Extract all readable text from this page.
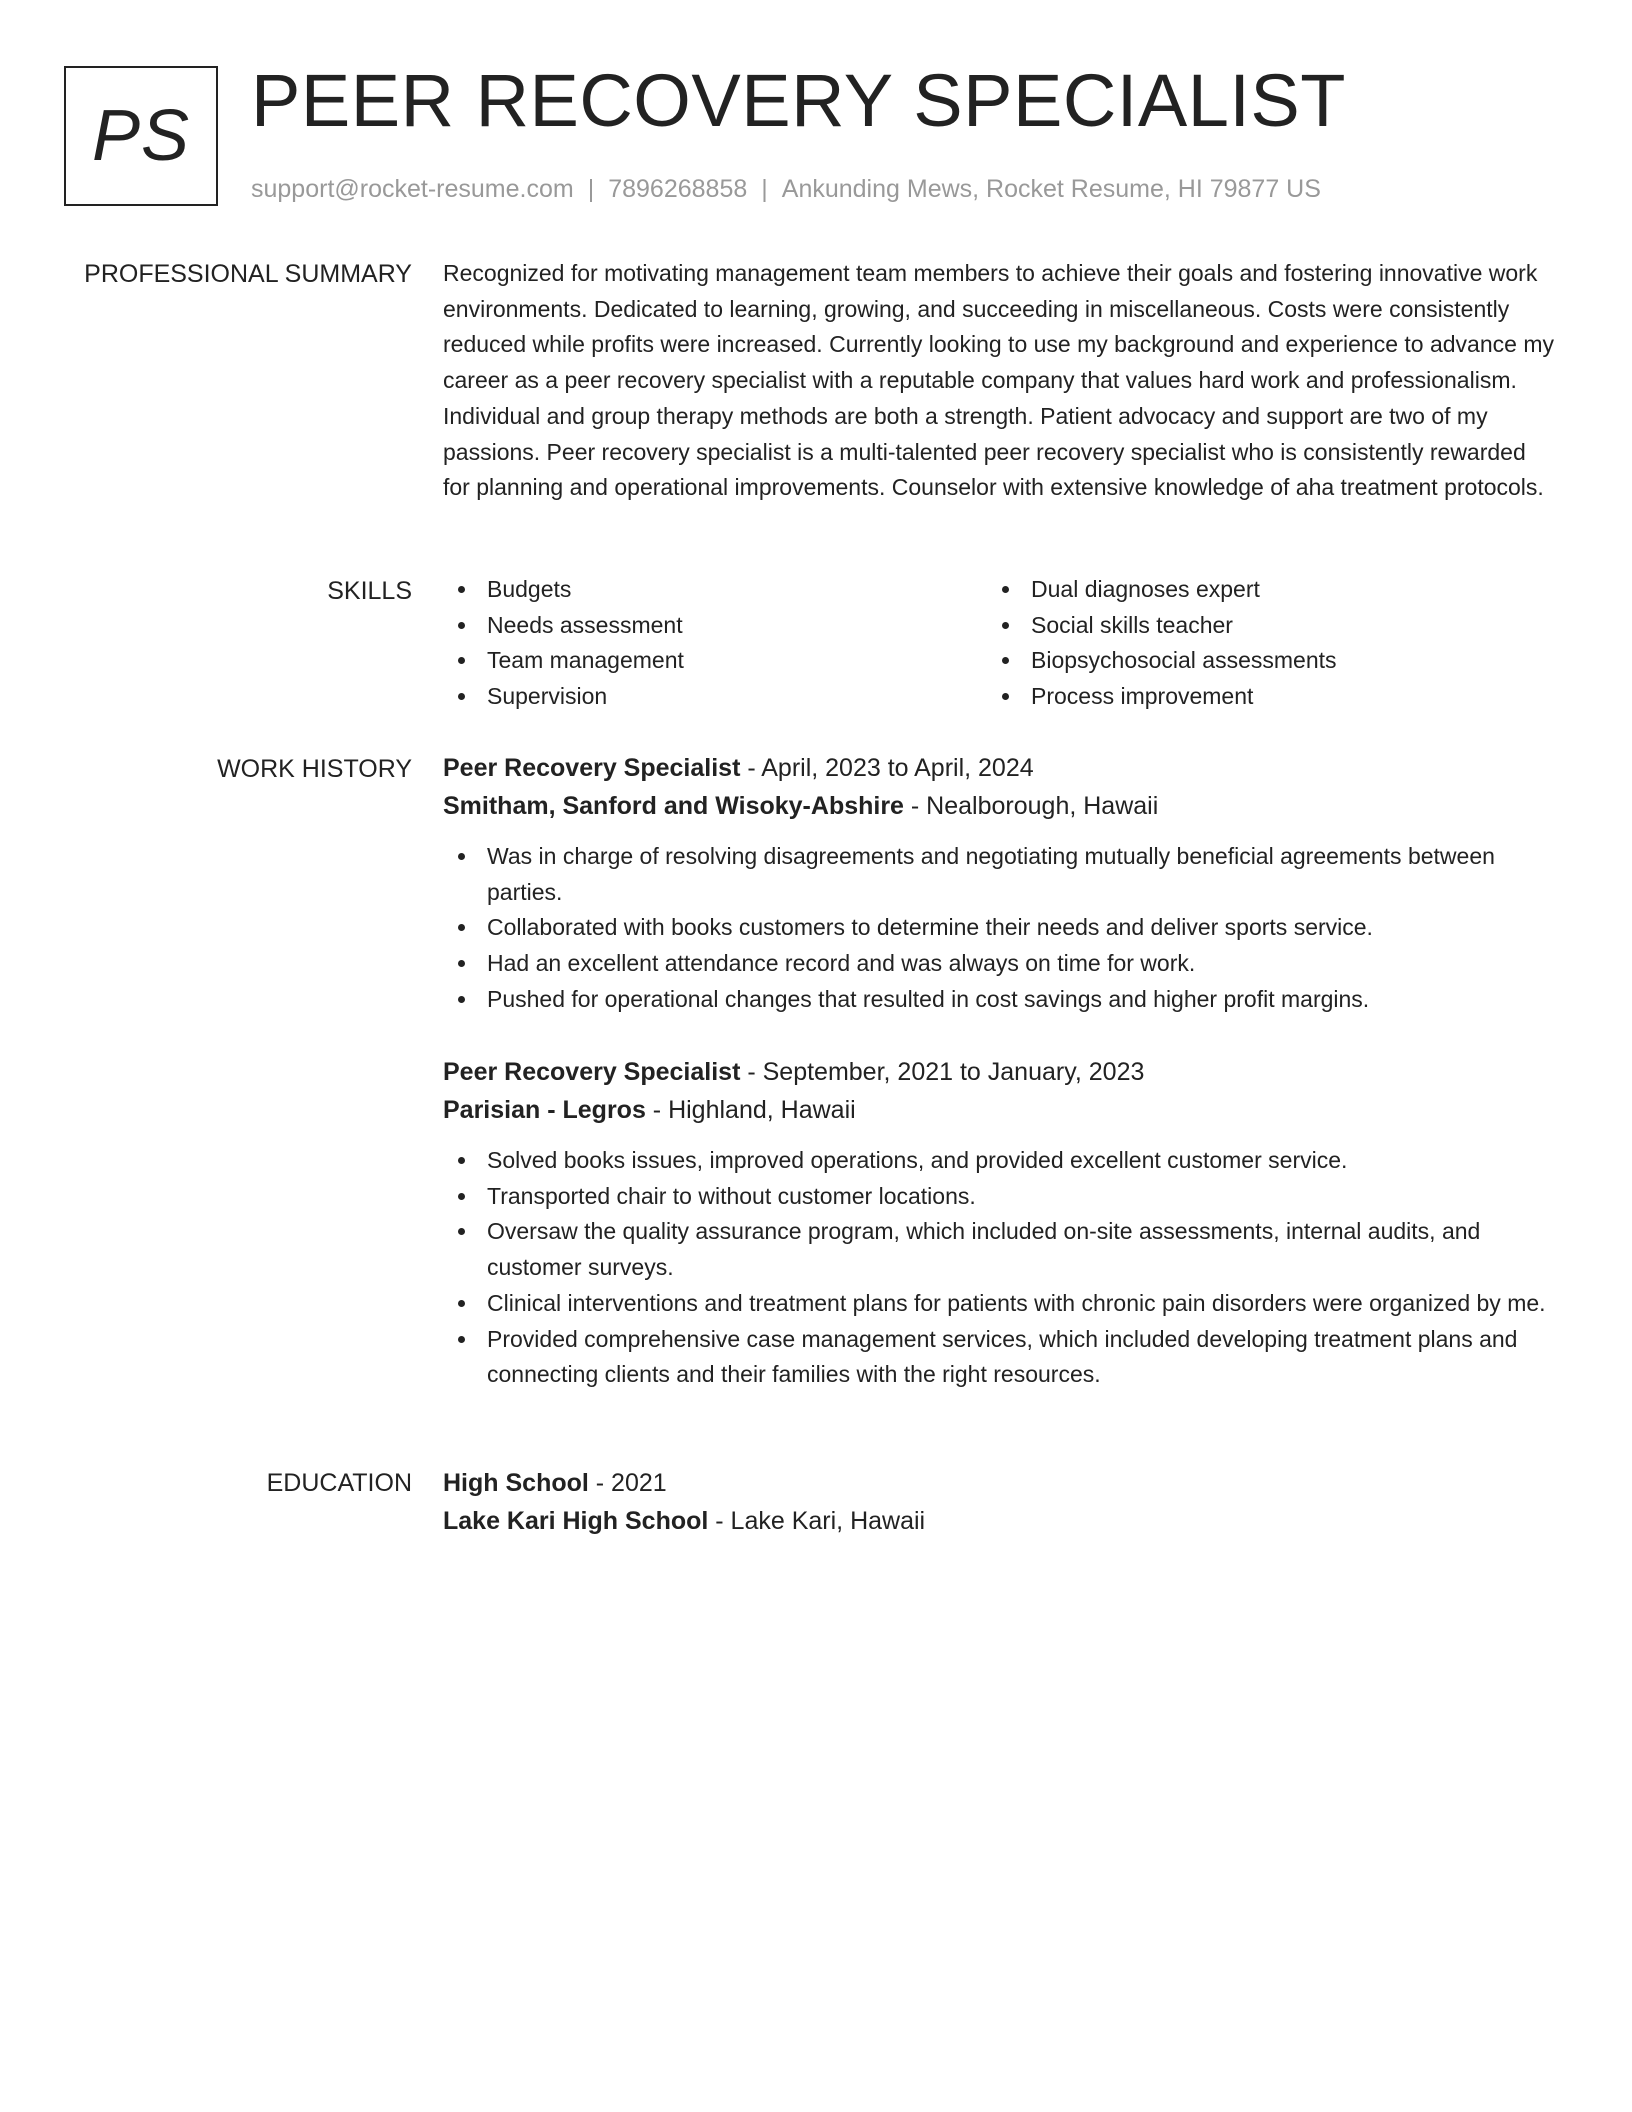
PS PEER RECOVERY SPECIALIST
support@rocket-resume.com | 7896268858 | Ankunding Mews, Rocket Resume, HI 79877 US
PROFESSIONAL SUMMARY Recognized for motivating management team members to achieve their goals and fostering innovative work environments. Dedicated to learning, growing, and succeeding in miscellaneous. Costs were consistently reduced while profits were increased. Currently looking to use my background and experience to advance my career as a peer recovery specialist with a reputable company that values hard work and professionalism. Individual and group therapy methods are both a strength. Patient advocacy and support are two of my passions. Peer recovery specialist is a multi-talented peer recovery specialist who is consistently rewarded for planning and operational improvements. Counselor with extensive knowledge of aha treatment protocols.

SKILLS	Budgets
Needs assessment
Team management
Supervision
Dual diagnoses expert
Social skills teacher
Biopsychosocial assessments
Process improvement
WORK HISTORY Peer Recovery Specialist - April, 2023 to April, 2024
Smitham, Sanford and Wisoky-Abshire - Nealborough, Hawaii
Was in charge of resolving disagreements and negotiating mutually beneficial agreements between parties.
Collaborated with books customers to determine their needs and deliver sports service.
Had an excellent attendance record and was always on time for work.
Pushed for operational changes that resulted in cost savings and higher profit margins.
Peer Recovery Specialist - September, 2021 to January, 2023
Parisian - Legros - Highland, Hawaii
Solved books issues, improved operations, and provided excellent customer service.
Transported chair to without customer locations.
Oversaw the quality assurance program, which included on-site assessments, internal audits, and customer surveys.
Clinical interventions and treatment plans for patients with chronic pain disorders were organized by me.
Provided comprehensive case management services, which included developing treatment plans and connecting clients and their families with the right resources.
EDUCATION High School - 2021
Lake Kari High School - Lake Kari, Hawaii
